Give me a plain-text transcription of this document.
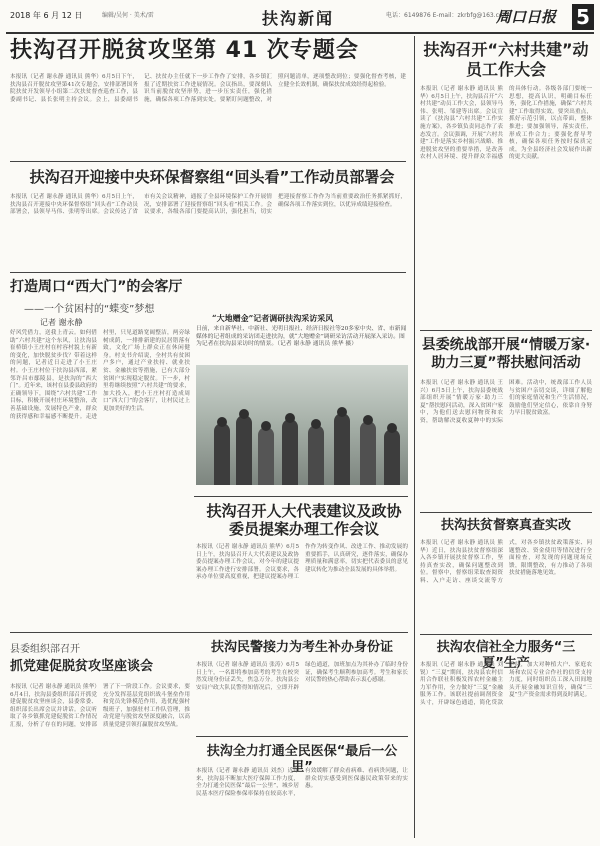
2018 年 6 月 12 日	编辑/吴何 · 美术/雷	扶沟新闻	电话：6149876 E-mail：zkrbfg@163.com
周口日报 5
扶沟召开脱贫攻坚第 41 次专题会
本报讯（记者 谢永静 通讯员 熊华）6月5日下午，扶沟县召开脱贫攻坚第41次专题会，安排部署国务院扶贫开发领导小组第二次扶贫督查巡查工作，县委副书记、县长张明主持会议。会上，县委副书记、扶贫办主任就下一步工作作了安排，各乡镇汇报了近期扶贫工作进展情况。会议指出，要深刻认识当前脱贫攻坚形势，进一步压实责任，强化措施，确保各项工作落到实处。要紧盯问题整改，对照问题清单，逐项整改到位；要强化督查考核，建立健全长效机制，确保扶贫成效经得起检验。
扶沟召开迎接中央环保督察组“回头看”工作动员部署会
本报讯（记者 谢永静 通讯员 熊华）6月5日上午，扶沟县召开迎接中央环保督察组“回头看”工作动员部署会，县领导马伟、张明等出席。会议传达了省市有关会议精神，通报了全县环境保护工作开展情况，安排部署了迎接督察组“回头看”相关工作。会议要求，各级各部门要提高认识，强化担当，切实把迎接督察工作作为当前重要政治任务抓紧抓好，确保各项工作落实到位，以优异成绩迎接检查。
打造周口“西大门”的会客厅
——一个贫困村的“蝶变”梦想
记者 谢永静
好风凭借力，送我上青云。如何借助“六村共建”这个东风，让扶沟县崔桥镇小王庄村在村容村貌上有新的变化，加快脱贫步伐？带着这样的问题，记者近日走进了小王庄村。小王庄村位于扶沟县西部，紧邻许昌市鄢陵县，是扶沟的“西大门”。近年来，该村在县委县政府的正确领导下，围绕“六村共建”工作目标，积极开展村庄环境整治，改善基础设施，发展特色产业，群众的获得感和幸福感不断提升。走进村里，只见道路宽阔整洁，两旁绿树成荫，一排排新建的民居错落有致，文化广场上群众正在休闲健身。村支书介绍说，全村共有贫困户多户，通过产业扶持、就业扶贫、金融扶贫等措施，已有大部分贫困户实现稳定脱贫。下一步，村里将继续按照“六村共建”的要求，加大投入，把小王庄村打造成周口“西大门”的会客厅，让村民过上更加美好的生活。
“大地赠金”记者调研扶沟采访采风
日前，来自新华社、中新社、光明日报社、经济日报社等20多家中央、省、市新闻媒体的记者组成的采访团走进扶沟，就“大地赠金”调研采访活动开展深入采访。图为记者在扶沟县采访时的情景。（记者 谢永静 通讯员 熊华 摄）
扶沟召开人大代表建议及政协委员提案办理工作会议
本报讯（记者 谢永静 通讯员 熊华）6月5日上午，扶沟县召开人大代表建议及政协委员提案办理工作会议，对今年的建议提案办理工作进行安排部署。会议要求，各承办单位要高度重视，把建议提案办理工作作为转变作风、改进工作、推动发展的重要抓手，认真研究，逐件落实，确保办理质量和满意率，切实把代表委员的意见建议转化为推动全县发展的具体举措。
县委组织部召开
抓党建促脱贫攻坚座谈会
本报讯（记者 谢永静 通讯员 熊华）6月4日，扶沟县委组织部召开抓党建促脱贫攻坚座谈会，县委常委、组织部长出席会议并讲话。会议听取了各乡镇抓党建促脱贫工作情况汇报，分析了存在的问题，安排部署了下一阶段工作。会议要求，要充分发挥基层党组织战斗堡垒作用和党员先锋模范作用，选优配强村级班子，加强驻村工作队管理，推动党建与脱贫攻坚深度融合，以高质量党建引领打赢脱贫攻坚战。
扶沟民警接力为考生补办身份证
本报讯（记者 谢永静 通讯员 张涛）6月5日上午，一名即将参加高考的考生在校突然发现身份证丢失，焦急万分。扶沟县公安局户政大队民警得知情况后，立即开辟绿色通道，加班加点为其补办了临时身份证，确保考生顺利参加高考。考生和家长对民警的热心帮助表示衷心感谢。
扶沟全力打通全民医保“最后一公里”
本报讯（记者 谢永静 通讯员 刘杰）近年来，扶沟县不断加大医疗保障工作力度，全力打通全民医保“最后一公里”，城乡居民基本医疗保险参保率保持在较高水平，有效缓解了群众看病难、看病贵问题，让群众切实感受到医保惠民政策带来的实惠。
扶沟召开“六村共建”动员工作大会
本报讯（记者 谢永静 通讯员 熊华）6月5日上午，扶沟县召开“六村共建”动员工作大会，县领导马伟、张明、邹建等出席。会议宣读了《扶沟县“六村共建”工作实施方案》，各乡镇负责同志作了表态发言。会议强调，开展“六村共建”工作是落实乡村振兴战略、推进脱贫攻坚的重要举措，是改善农村人居环境、提升群众幸福感的具体行动。各级各部门要统一思想，提高认识，明确目标任务，强化工作措施，确保“六村共建”工作取得实效。要突出重点，抓好示范引领，以点带面，整体推进；要加强领导，落实责任，形成工作合力；要强化督导考核，确保各项任务按时保质完成，为全县经济社会发展作出新的更大贡献。
县委统战部开展“情暖万家·助力三夏”帮扶慰问活动
本报讯（记者 谢永静 通讯员 王兴）6月5日上午，扶沟县委统战部组织开展“情暖万家·助力三夏”帮扶慰问活动，深入贫困户家中，为他们送去慰问物资和农资，帮助解决夏收夏种中的实际困难。活动中，统战部工作人员与贫困户亲切交谈，详细了解他们的家庭情况和生产生活情况，鼓励他们坚定信心，依靠自身努力早日脱贫致富。
扶沟扶贫督察真查实改
本报讯（记者 谢永静 通讯员 熊华）近日，扶沟县扶贫督察组深入各乡镇开展扶贫督察工作，坚持真查实改，确保问题整改到位。督察中，督察组采取查阅资料、入户走访、座谈交流等方式，对各乡镇扶贫政策落实、问题整改、资金使用等情况进行全面检查，对发现的问题现场反馈，限期整改，有力推动了各项扶贫措施落地见效。
扶沟农信社全力服务“三夏”生产
本报讯（记者 谢永静 通讯员 刘锐）“三夏”期间，扶沟县农村信用合作联社积极发挥农村金融主力军作用，全力做好“三夏”金融服务工作。该联社提前调剂资金头寸，开辟绿色通道，简化贷款手续，加大对种植大户、家庭农场和农民专业合作社的信贷支持力度，同时组织员工深入田间地头开展金融知识宣传，确保“三夏”生产资金需求得到及时满足。
